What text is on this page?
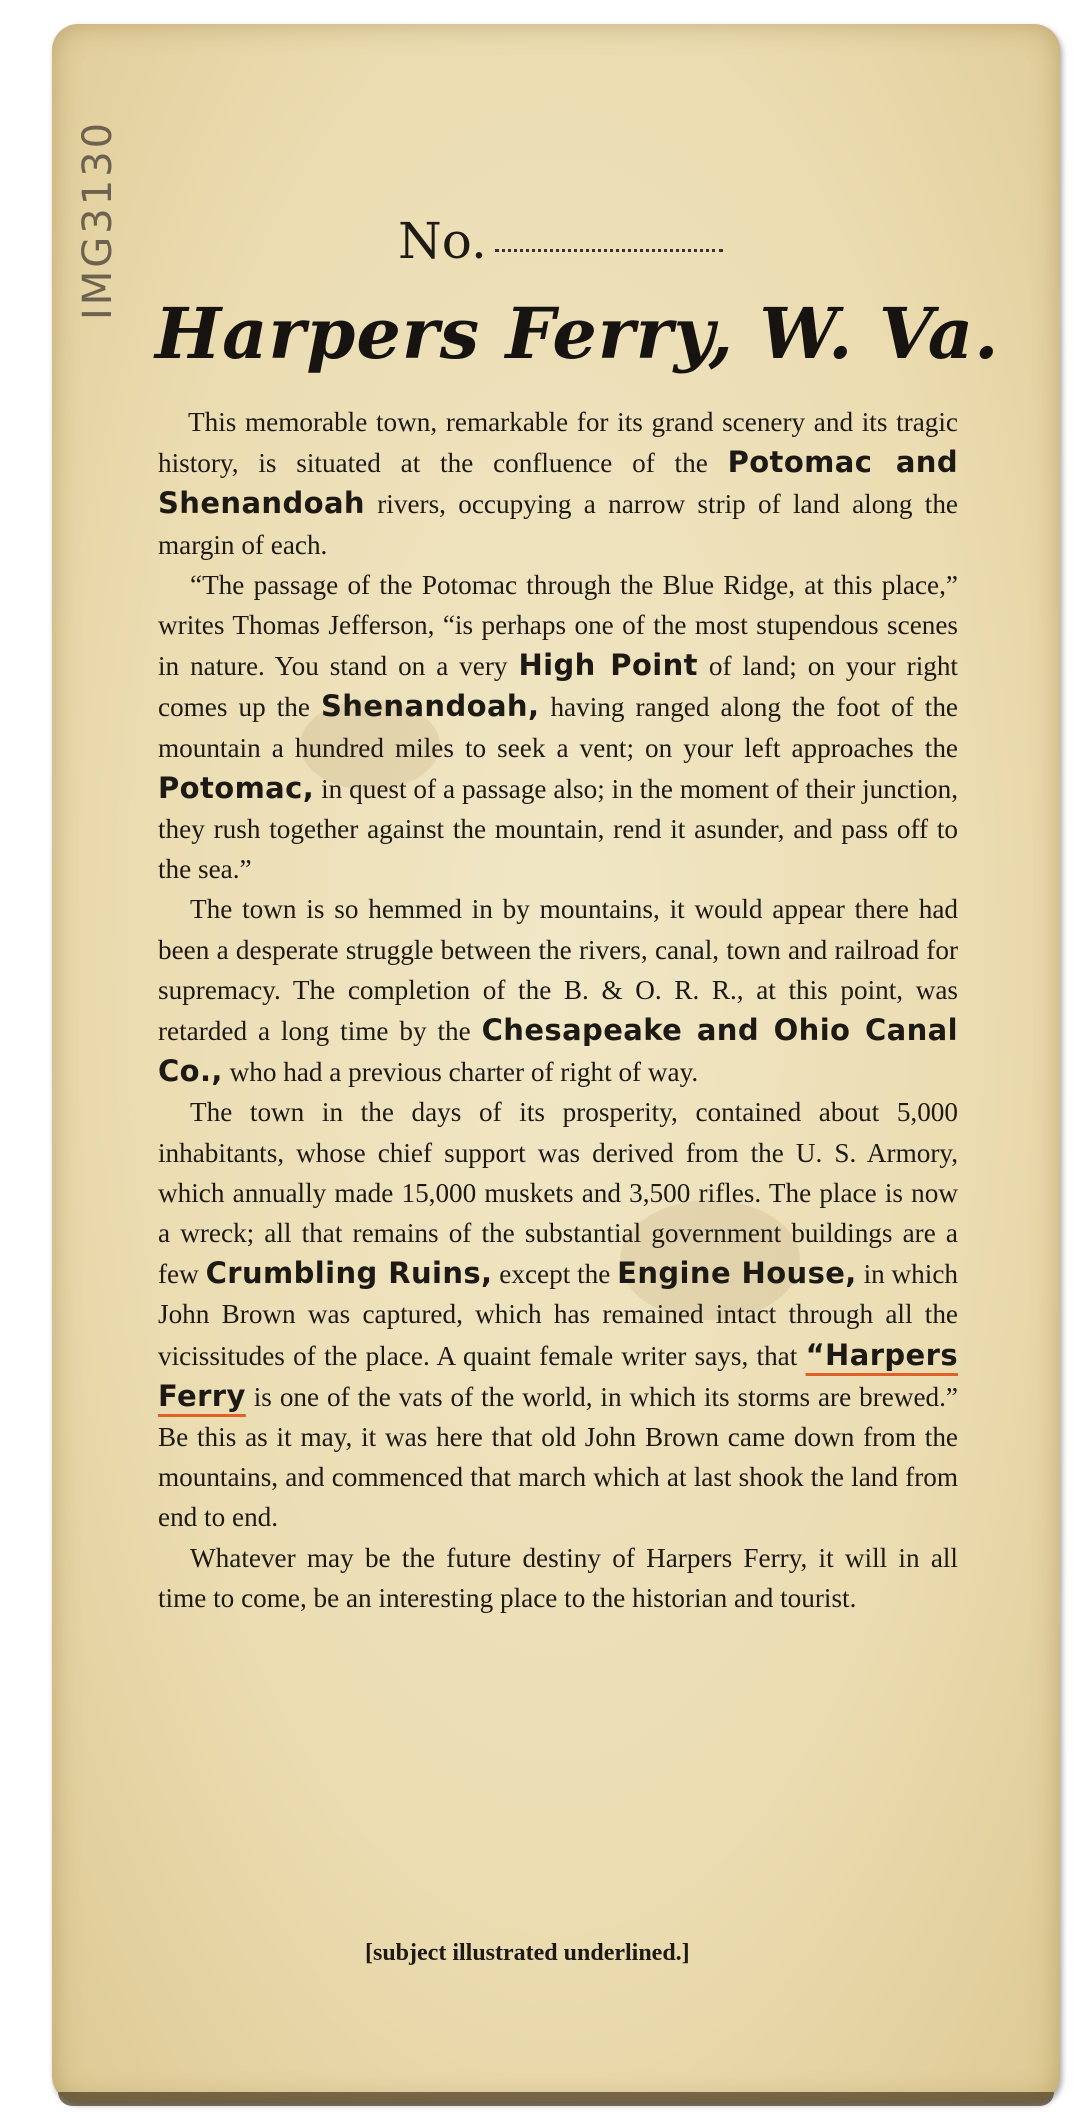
IMG3130	No.
Harpers Ferry, W. Va.

This memorable town, remarkable for its grand scenery and its tragic history, is situated at the confluence of the Potomac and Shenandoah rivers, occupying a narrow strip of land along the margin of each.

“The passage of the Potomac through the Blue Ridge, at this place,” writes Thomas Jefferson, “is perhaps one of the most stupendous scenes in nature. You stand on a very High Point of land; on your right comes up the Shenandoah, having ranged along the foot of the mountain a hundred miles to seek a vent; on your left approaches the Potomac, in quest of a passage also; in the moment of their junction, they rush together against the mountain, rend it asunder, and pass off to the sea.”

The town is so hemmed in by mountains, it would appear there had been a desperate struggle between the rivers, canal, town and railroad for supremacy. The completion of the B. & O. R. R., at this point, was retarded a long time by the Chesapeake and Ohio Canal Co., who had a previous charter of right of way.

The town in the days of its prosperity, contained about 5,000 inhabitants, whose chief support was derived from the U. S. Armory, which annually made 15,000 muskets and 3,500 rifles. The place is now a wreck; all that remains of the substantial government buildings are a few Crumbling Ruins, except the Engine House, in which John Brown was captured, which has remained intact through all the vicissitudes of the place. A quaint female writer says, that “Harpers Ferry is one of the vats of the world, in which its storms are brewed.” Be this as it may, it was here that old John Brown came down from the mountains, and commenced that march which at last shook the land from end to end.

Whatever may be the future destiny of Harpers Ferry, it will in all time to come, be an interesting place to the historian and tourist.

[subject illustrated underlined.]
